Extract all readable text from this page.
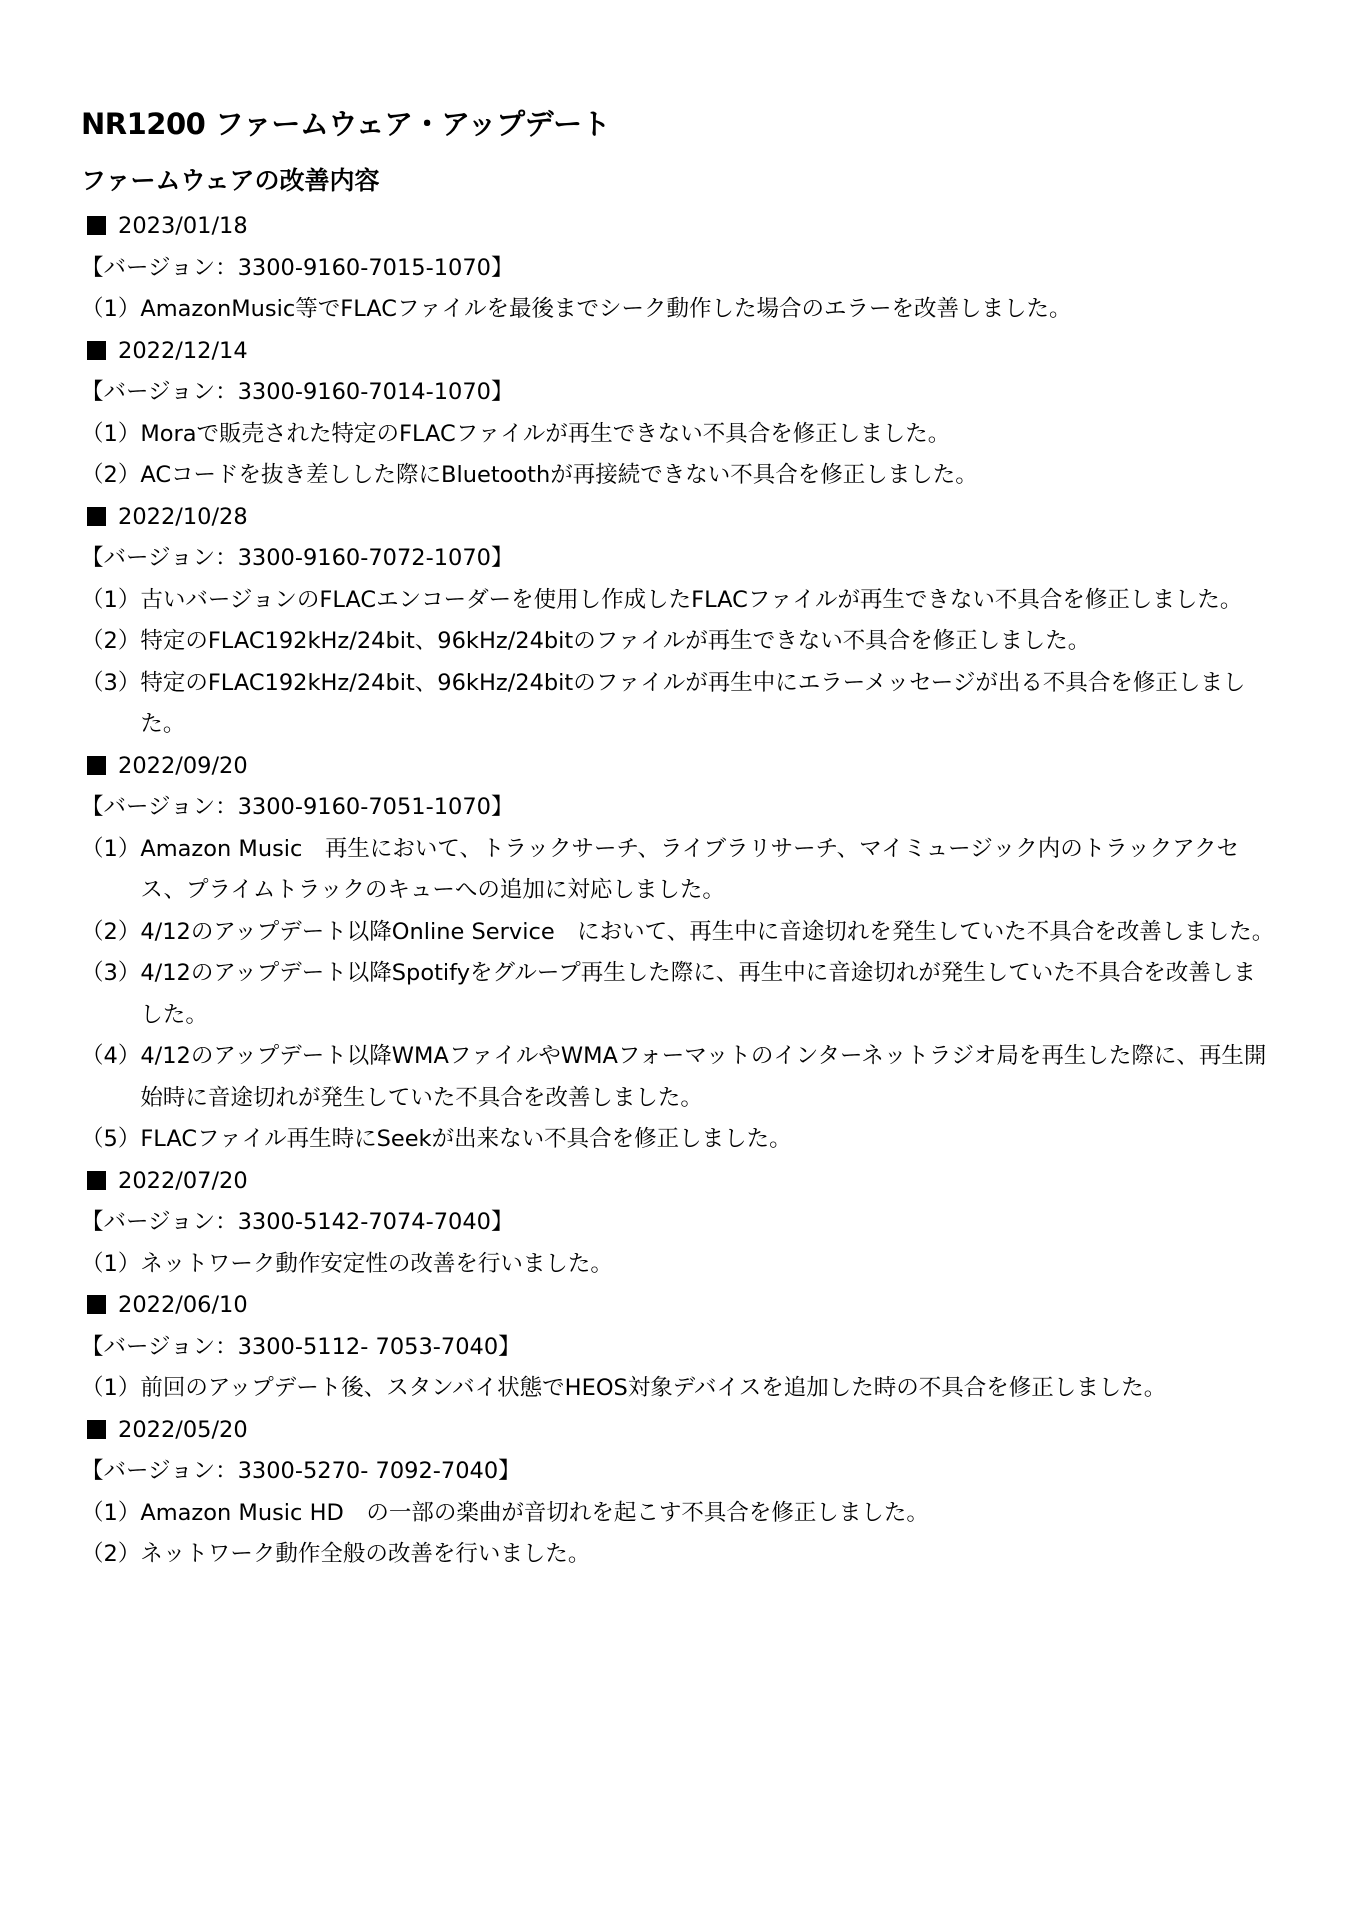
NR1200 ファームウェア・アップデート
ファームウェアの改善内容
2023/01/18
【バージョン：3300-9160-7015-1070】
（1） AmazonMusic等でFLACファイルを最後までシーク動作した場合のエラーを改善しました。
2022/12/14
【バージョン：3300-9160-7014-1070】
（1） Moraで販売された特定のFLACファイルが再生できない不具合を修正しました。
（2） ACコードを抜き差しした際にBluetoothが再接続できない不具合を修正しました。
2022/10/28
【バージョン：3300-9160-7072-1070】
（1） 古いバージョンのFLACエンコーダーを使用し作成したFLACファイルが再生できない不具合を修正しました。
（2） 特定のFLAC192kHz/24bit、96kHz/24bitのファイルが再生できない不具合を修正しました。
（3） 特定のFLAC192kHz/24bit、96kHz/24bitのファイルが再生中にエラーメッセージが出る不具合を修正しました。
2022/09/20
【バージョン：3300-9160-7051-1070】
（1） Amazon Music　再生において、トラックサーチ、ライブラリサーチ、マイミュージック内のトラックアクセス、プライムトラックのキューへの追加に対応しました。
（2） 4/12のアップデート以降Online Service　において、再生中に音途切れを発生していた不具合を改善しました。
（3） 4/12のアップデート以降Spotifyをグループ再生した際に、再生中に音途切れが発生していた不具合を改善しました。
（4） 4/12のアップデート以降WMAファイルやWMAフォーマットのインターネットラジオ局を再生した際に、再生開始時に音途切れが発生していた不具合を改善しました。
（5） FLACファイル再生時にSeekが出来ない不具合を修正しました。
2022/07/20
【バージョン：3300-5142-7074-7040】
（1） ネットワーク動作安定性の改善を行いました。
2022/06/10
【バージョン：3300-5112- 7053-7040】
（1） 前回のアップデート後、スタンバイ状態でHEOS対象デバイスを追加した時の不具合を修正しました。
2022/05/20
【バージョン：3300-5270- 7092-7040】
（1） Amazon Music HD　の一部の楽曲が音切れを起こす不具合を修正しました。
（2） ネットワーク動作全般の改善を行いました。
